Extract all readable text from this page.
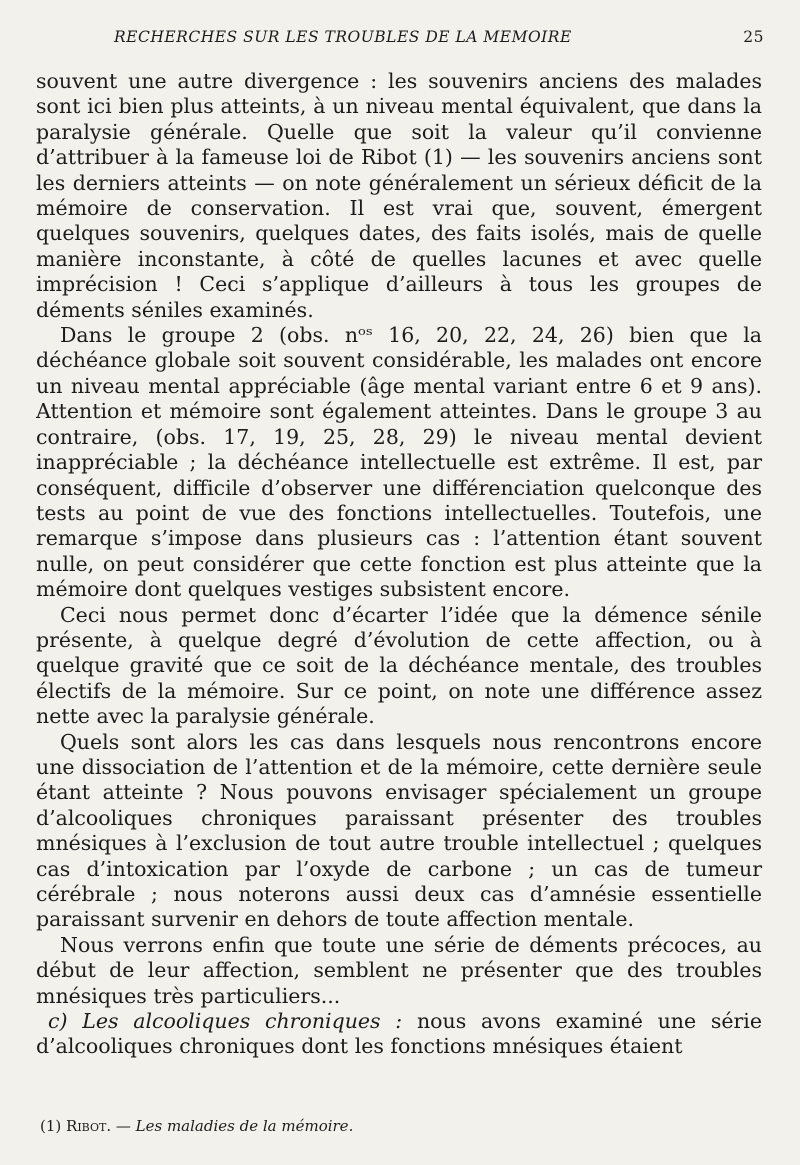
RECHERCHES SUR LES TROUBLES DE LA MEMOIRE	25

souvent une autre divergence : les souvenirs anciens des malades sont ici bien plus atteints, à un niveau mental équivalent, que dans la paralysie générale. Quelle que soit la valeur qu’il convienne d’attribuer à la fameuse loi de Ribot (1) — les souvenirs anciens sont les derniers atteints — on note généralement un sérieux déficit de la mémoire de conservation. Il est vrai que, souvent, émergent quelques souvenirs, quelques dates, des faits isolés, mais de quelle manière inconstante, à côté de quelles lacunes et avec quelle imprécision ! Ceci s’applique d’ailleurs à tous les groupes de déments séniles examinés.

Dans le groupe 2 (obs. nᵒˢ 16, 20, 22, 24, 26) bien que la déchéance globale soit souvent considérable, les malades ont encore un niveau mental appréciable (âge mental variant entre 6 et 9 ans). Attention et mémoire sont également atteintes. Dans le groupe 3 au contraire, (obs. 17, 19, 25, 28, 29) le niveau mental devient inappréciable ; la déchéance intellectuelle est extrême. Il est, par conséquent, difficile d’observer une différenciation quelconque des tests au point de vue des fonctions intellectuelles. Toutefois, une remarque s’impose dans plusieurs cas : l’attention étant souvent nulle, on peut considérer que cette fonction est plus atteinte que la mémoire dont quelques vestiges subsistent encore.

Ceci nous permet donc d’écarter l’idée que la démence sénile présente, à quelque degré d’évolution de cette affection, ou à quelque gravité que ce soit de la déchéance mentale, des troubles électifs de la mémoire. Sur ce point, on note une différence assez nette avec la paralysie générale.

Quels sont alors les cas dans lesquels nous rencontrons encore une dissociation de l’attention et de la mémoire, cette dernière seule étant atteinte ? Nous pouvons envisager spécialement un groupe d’alcooliques chroniques paraissant présenter des troubles mnésiques à l’exclusion de tout autre trouble intellectuel ; quelques cas d’intoxication par l’oxyde de carbone ; un cas de tumeur cérébrale ; nous noterons aussi deux cas d’amnésie essentielle paraissant survenir en dehors de toute affection mentale.

Nous verrons enfin que toute une série de déments précoces, au début de leur affection, semblent ne présenter que des troubles mnésiques très particuliers...

c) Les alcooliques chroniques : nous avons examiné une série d’alcooliques chroniques dont les fonctions mnésiques étaient

(1) Ribot. — Les maladies de la mémoire.
